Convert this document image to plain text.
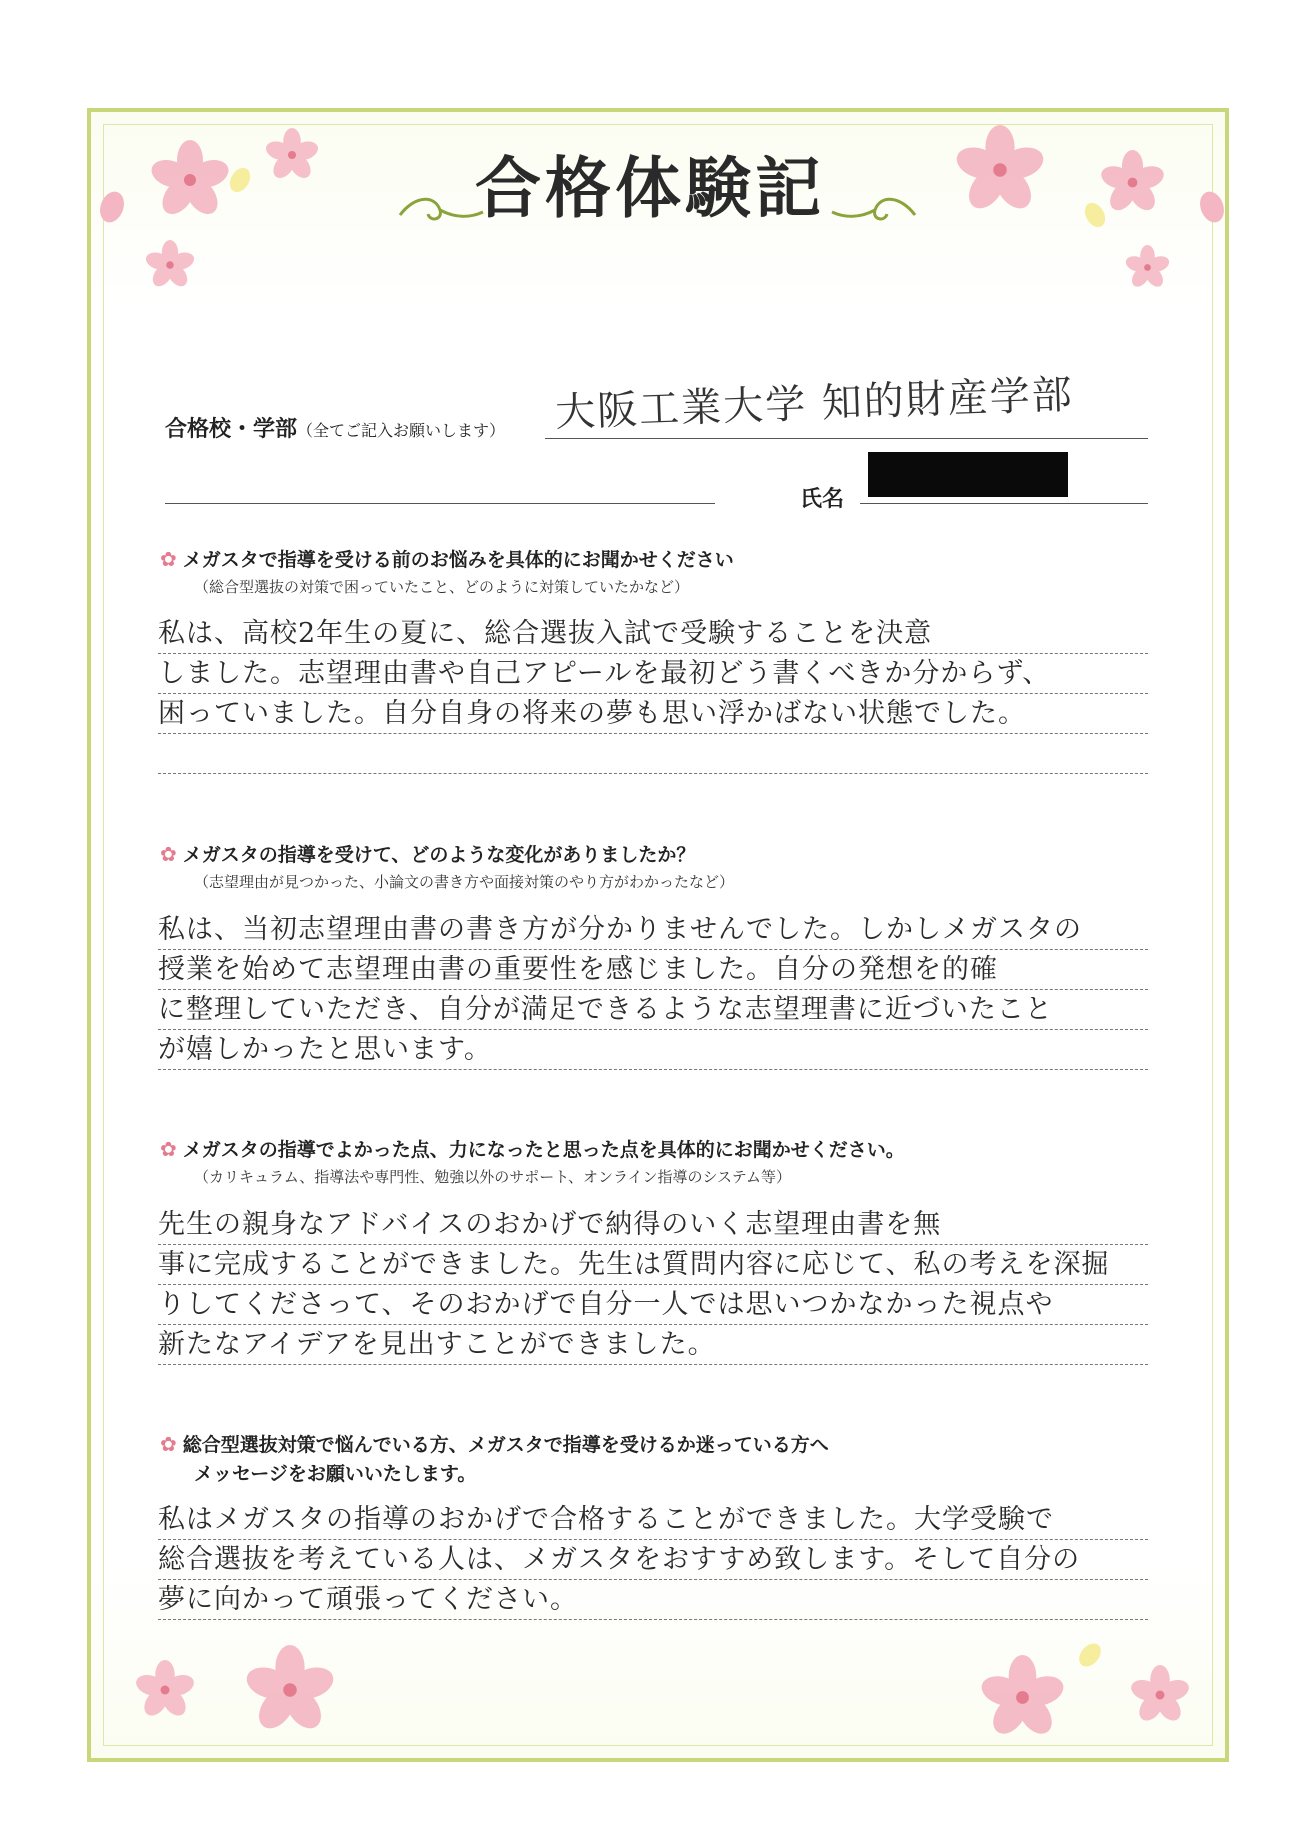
合格体験記
合格校・学部（全てご記入お願いします） 大阪工業大学 知的財産学部
氏名
✿ メガスタで指導を受ける前のお悩みを具体的にお聞かせください
（総合型選抜の対策で困っていたこと、どのように対策していたかなど）
私は、高校2年生の夏に、総合選抜入試で受験することを決意
しました。志望理由書や自己アピールを最初どう書くべきか分からず、
困っていました。自分自身の将来の夢も思い浮かばない状態でした。
✿ メガスタの指導を受けて、どのような変化がありましたか？
（志望理由が見つかった、小論文の書き方や面接対策のやり方がわかったなど）
私は、当初志望理由書の書き方が分かりませんでした。しかしメガスタの
授業を始めて志望理由書の重要性を感じました。自分の発想を的確
に整理していただき、自分が満足できるような志望理書に近づいたこと
が嬉しかったと思います。
✿ メガスタの指導でよかった点、力になったと思った点を具体的にお聞かせください。
（カリキュラム、指導法や専門性、勉強以外のサポート、オンライン指導のシステム等）
先生の親身なアドバイスのおかげで納得のいく志望理由書を無
事に完成することができました。先生は質問内容に応じて、私の考えを深掘
りしてくださって、そのおかげで自分一人では思いつかなかった視点や
新たなアイデアを見出すことができました。
✿ 総合型選抜対策で悩んでいる方、メガスタで指導を受けるか迷っている方へ
メッセージをお願いいたします。
私はメガスタの指導のおかげで合格することができました。大学受験で
総合選抜を考えている人は、メガスタをおすすめ致します。そして自分の
夢に向かって頑張ってください。
